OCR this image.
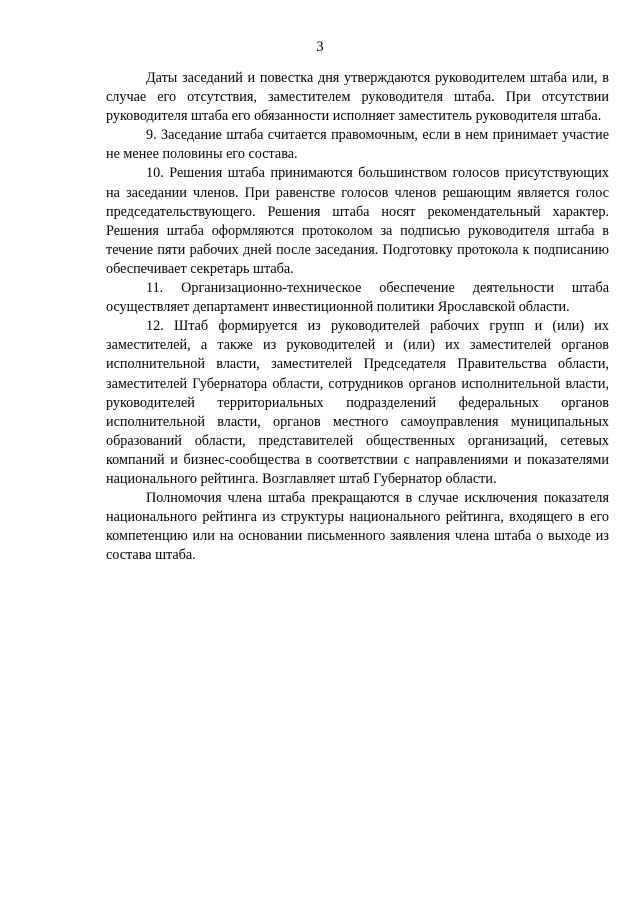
3

Даты заседаний и повестка дня утверждаются руководителем штаба или, в случае его отсутствия, заместителем руководителя штаба. При отсутствии руководителя штаба его обязанности исполняет заместитель руководителя штаба.

9. Заседание штаба считается правомочным, если в нем принимает участие не менее половины его состава.

10. Решения штаба принимаются большинством голосов присутствующих на заседании членов. При равенстве голосов членов решающим является голос председательствующего. Решения штаба носят рекомендательный характер. Решения штаба оформляются протоколом за подписью руководителя штаба в течение пяти рабочих дней после заседания. Подготовку протокола к подписанию обеспечивает секретарь штаба.

11. Организационно-техническое обеспечение деятельности штаба осуществляет департамент инвестиционной политики Ярославской области.

12. Штаб формируется из руководителей рабочих групп и (или) их заместителей, а также из руководителей и (или) их заместителей органов исполнительной власти, заместителей Председателя Правительства области, заместителей Губернатора области, сотрудников органов исполнительной власти, руководителей территориальных подразделений федеральных органов исполнительной власти, органов местного самоуправления муниципальных образований области, представителей общественных организаций, сетевых компаний и бизнес-сообщества в соответствии с направлениями и показателями национального рейтинга. Возглавляет штаб Губернатор области.

Полномочия члена штаба прекращаются в случае исключения показателя национального рейтинга из структуры национального рейтинга, входящего в его компетенцию или на основании письменного заявления члена штаба о выходе из состава штаба.
